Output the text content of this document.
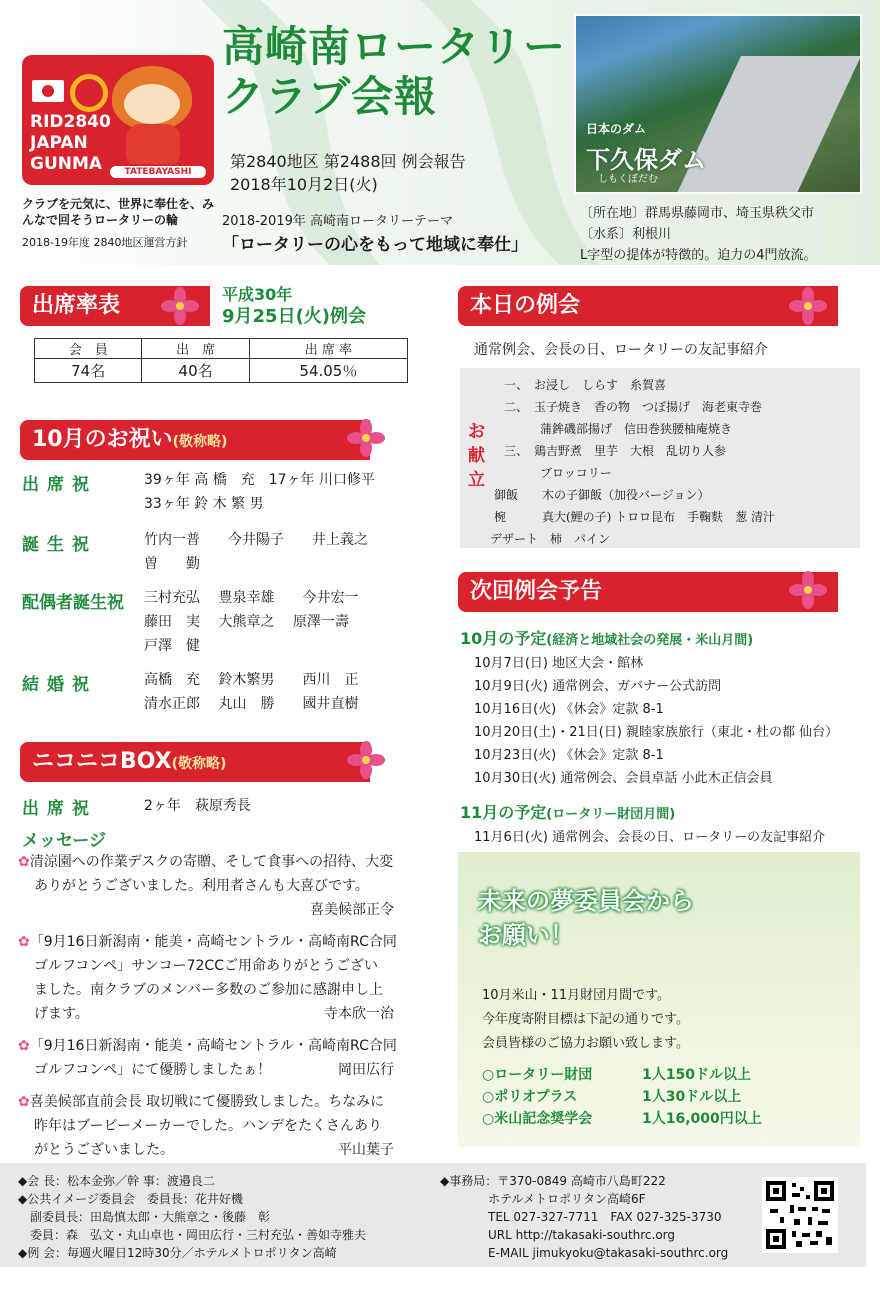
RID2840
JAPAN
GUNMA	TATEBAYASHI
クラブを元気に、世界に奉仕を、みんなで回そうロータリーの輪
2018-19年度 2840地区運営方針
高崎南ロータリー
クラブ会報
第2840地区 第2488回 例会報告
2018年10月2日(火)
2018-2019年 高崎南ロータリーテーマ
「ロータリーの心をもって地域に奉仕」
日本のダム
下久保ダム
しもくぼだむ
〔所在地〕群馬県藤岡市、埼玉県秩父市
〔水系〕利根川
L字型の提体が特徴的。迫力の4門放流。
出席率表	平成30年
9月25日(火)例会
会　員	出　席	出 席 率
74名	40名	54.05％
10月のお祝い(敬称略)
出席祝	39ヶ年 高 橋　充　17ヶ年 川口修平
33ヶ年 鈴 木 繁 男
誕生祝	竹内一普　　今井陽子　　井上義之
曽　　勤
配偶者誕生祝 三村充弘　 豊泉幸雄　　今井宏一
藤田　実　 大熊章之　 原澤一壽
戸澤　健
結婚祝	高橋　充　 鈴木繁男　　西川　正
清水正郎　 丸山　勝　　國井直樹
ニコニコBOX(敬称略)
出席祝	2ヶ年　萩原秀長
メッセージ
✿清涼園への作業デスクの寄贈、そして食事への招待、大変
ありがとうございました。利用者さんも大喜びです。
喜美候部正令
✿「9月16日新潟南・能美・高崎セントラル・高崎南RC合同
ゴルフコンペ」サンコー72CCご用命ありがとうござい
ました。南クラブのメンバー多数のご参加に感謝申し上
げます。	寺本欣一治
✿「9月16日新潟南・能美・高崎セントラル・高崎南RC合同
ゴルフコンペ」にて優勝しましたぁ！	岡田広行
✿喜美候部直前会長 取切戦にて優勝致しました。ちなみに
昨年はブービーメーカーでした。ハンデをたくさんあり
がとうございました。	平山葉子
本日の例会
通常例会、会長の日、ロータリーの友記事紹介
お献立
一、　お浸し　しらす　糸賀喜
二、　玉子焼き　香の物　つぼ揚げ　海老東寺巻
　　　蒲鉾磯部揚げ　信田巻狭腰柚庵焼き
三、　鶏吉野煮　里芋　大根　乱切り人参
　　　ブロッコリー
御飯　　木の子御飯（加役バージョン）
椀　　　真大(鯉の子) トロロ昆布　手鞠麩　葱 清汁
デザート　柿　パイン
次回例会予告
10月の予定(経済と地域社会の発展・米山月間)
10月7日(日) 地区大会・館林
10月9日(火) 通常例会、ガバナー公式訪問
10月16日(火) 《休会》定款 8-1
10月20日(土)・21日(日) 親睦家族旅行（東北・杜の都 仙台）
10月23日(火) 《休会》定款 8-1
10月30日(火) 通常例会、会員卓話 小此木正信会員
11月の予定(ロータリー財団月間)
11月6日(火) 通常例会、会長の日、ロータリーの友記事紹介
未来の夢委員会から
お願い！
10月米山・11月財団月間です。
今年度寄附目標は下記の通りです。
会員皆様のご協力お願い致します。
○ロータリー財団	1人150ドル以上
○ポリオプラス	1人30ドル以上
○米山記念奨学会	1人16,000円以上
◆会 長：松本金弥／幹 事：渡邉良二
◆公共イメージ委員会　委員長：花井好機
　副委員長：田島慎太郎・大熊章之・後藤　彰
　委員：森　弘文・丸山卓也・岡田広行・三村充弘・善如寺雅夫
◆例 会：毎週火曜日12時30分／ホテルメトロポリタン高崎
◆事務局：〒370-0849 高崎市八島町222
　　　　ホテルメトロポリタン高崎6F
　　　　TEL 027-327-7711　FAX 027-325-3730
　　　　URL http://takasaki-southrc.org
　　　　E-MAIL jimukyoku@takasaki-southrc.org
